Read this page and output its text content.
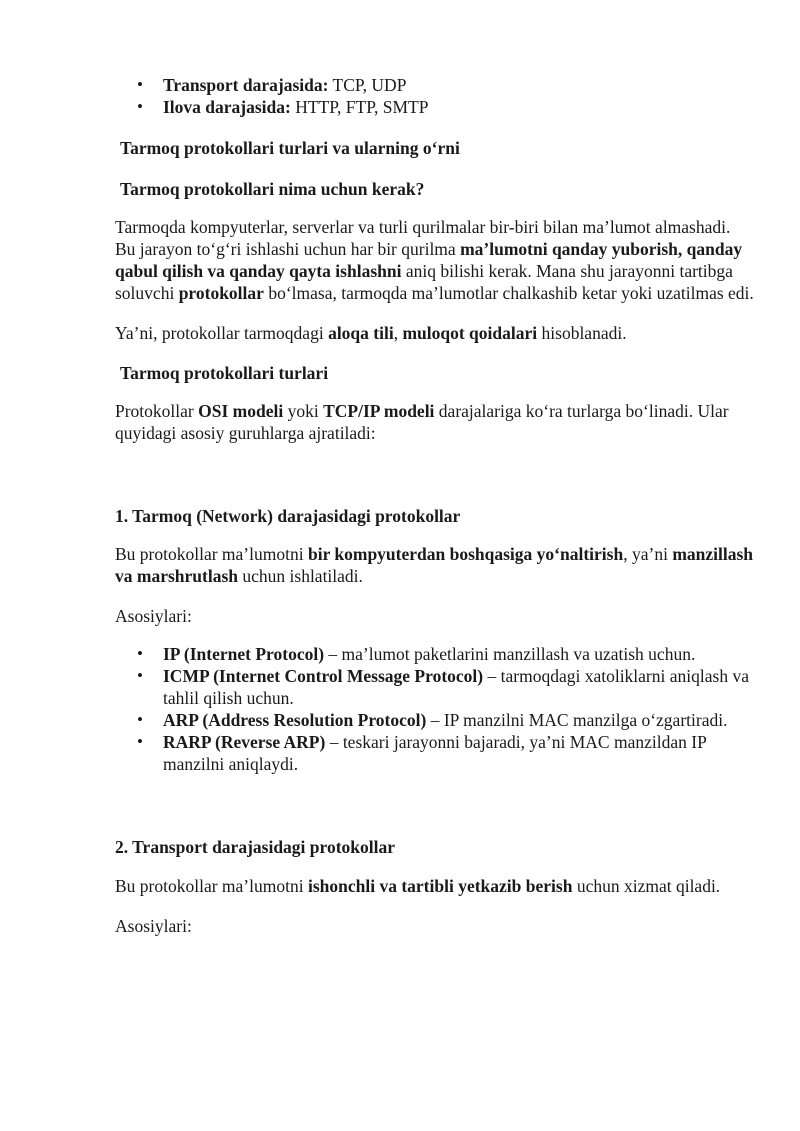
• Transport darajasida: TCP, UDP
• Ilova darajasida: HTTP, FTP, SMTP

Tarmoq protokollari turlari va ularning o‘rni

Tarmoq protokollari nima uchun kerak?

Tarmoqda kompyuterlar, serverlar va turli qurilmalar bir-biri bilan ma’lumot almashadi. Bu jarayon to‘g‘ri ishlashi uchun har bir qurilma ma’lumotni qanday yuborish, qanday qabul qilish va qanday qayta ishlashni aniq bilishi kerak. Mana shu jarayonni tartibga soluvchi protokollar bo‘lmasa, tarmoqda ma’lumotlar chalkashib ketar yoki uzatilmas edi.

Ya’ni, protokollar tarmoqdagi aloqa tili, muloqot qoidalari hisoblanadi.

Tarmoq protokollari turlari

Protokollar OSI modeli yoki TCP/IP modeli darajalariga ko‘ra turlarga bo‘linadi. Ular quyidagi asosiy guruhlarga ajratiladi:

1. Tarmoq (Network) darajasidagi protokollar

Bu protokollar ma’lumotni bir kompyuterdan boshqasiga yo‘naltirish, ya’ni manzillash va marshrutlash uchun ishlatiladi.

Asosiylari:

• IP (Internet Protocol) – ma’lumot paketlarini manzillash va uzatish uchun.
• ICMP (Internet Control Message Protocol) – tarmoqdagi xatoliklarni aniqlash va tahlil qilish uchun.
• ARP (Address Resolution Protocol) – IP manzilni MAC manzilga o‘zgartiradi.
• RARP (Reverse ARP) – teskari jarayonni bajaradi, ya’ni MAC manzildan IP manzilni aniqlaydi.

2. Transport darajasidagi protokollar

Bu protokollar ma’lumotni ishonchli va tartibli yetkazib berish uchun xizmat qiladi.

Asosiylari:
